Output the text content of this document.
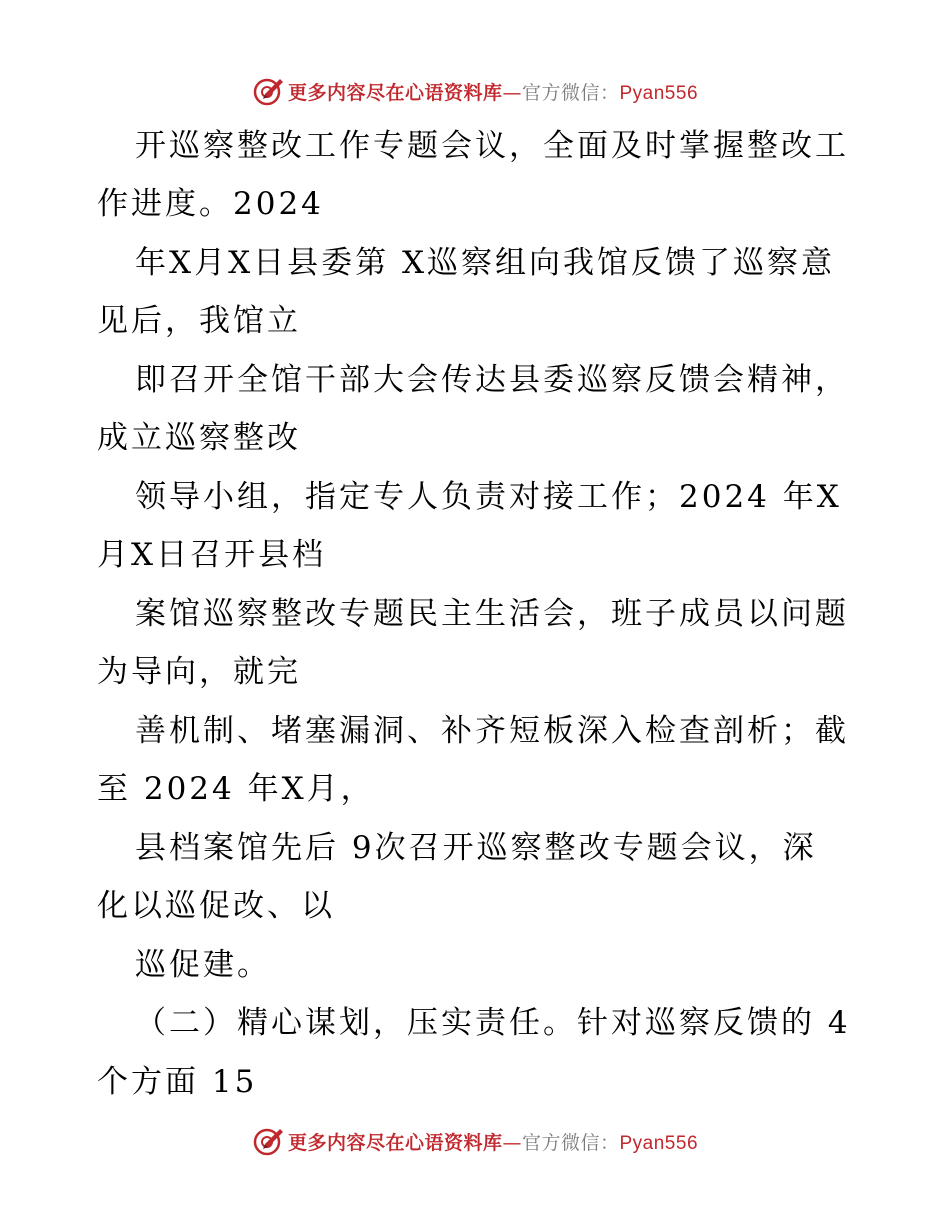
更多内容尽在心语资料库—官方微信：Pyan556
开巡察整改工作专题会议，全面及时掌握整改工
作进度。2024
年X月X日县委第 X巡察组向我馆反馈了巡察意
见后，我馆立
即召开全馆干部大会传达县委巡察反馈会精神，
成立巡察整改
领导小组，指定专人负责对接工作；2024 年X
月X日召开县档
案馆巡察整改专题民主生活会，班子成员以问题
为导向，就完
善机制、堵塞漏洞、补齐短板深入检查剖析；截
至 2024 年X月，
县档案馆先后 9次召开巡察整改专题会议，深
化以巡促改、以
巡促建。
（二）精心谋划，压实责任。针对巡察反馈的 4
个方面 15
更多内容尽在心语资料库—官方微信：Pyan556
